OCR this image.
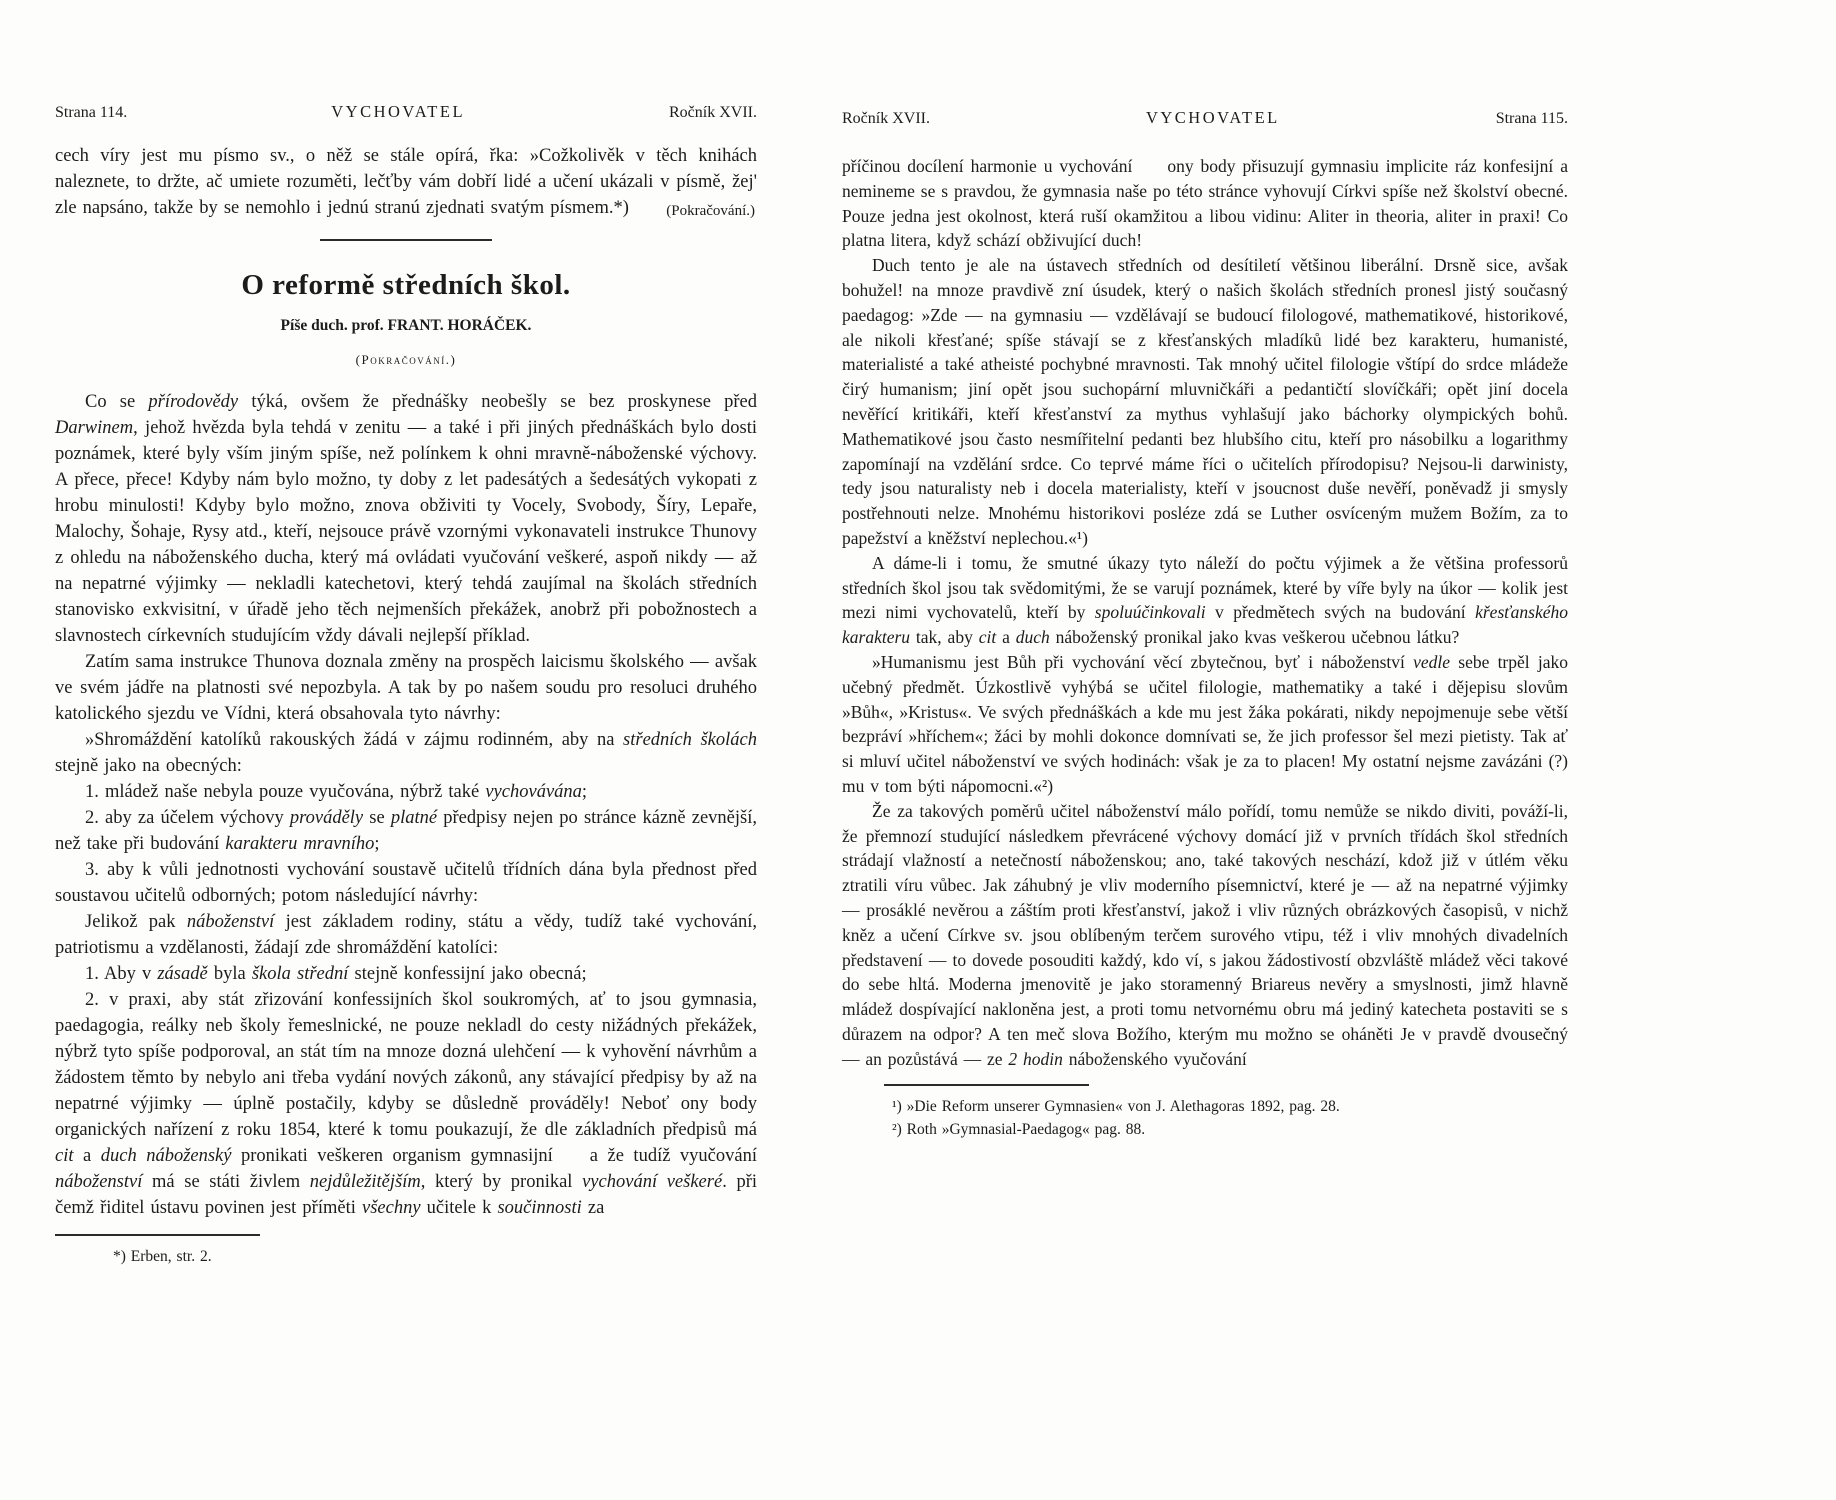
Strana 114.	VYCHOVATEL	Ročník XVII.

cech víry jest mu písmo sv., o něž se stále opírá, řka: »Cožkolivěk v těch knihách naleznete, to držte, ač umiete rozuměti, lečťby vám dobří lidé a učení ukázali v písmě, žej' zle napsáno, takže by se nemohlo i jednú stranú zjednati svatým písmem.*)	(Pokračování.)
O reformě středních škol.
Píše duch. prof. FRANT. HORÁČEK.
(Pokračování.)

Co se přírodovědy týká, ovšem že přednášky neobešly se bez proskynese před Darwinem, jehož hvězda byla tehdá v zenitu — a také i při jiných přednáškách bylo dosti poznámek, které byly vším jiným spíše, než polínkem k ohni mravně-náboženské výchovy. A přece, přece! Kdyby nám bylo možno, ty doby z let padesátých a šedesátých vykopati z hrobu minulosti! Kdyby bylo možno, znova obživiti ty Vocely, Svobody, Šíry, Lepaře, Malochy, Šohaje, Rysy atd., kteří, nejsouce právě vzornými vykonavateli instrukce Thunovy z ohledu na náboženského ducha, který má ovládati vyučování veškeré, aspoň nikdy — až na nepatrné výjimky — nekladli katechetovi, který tehdá zaujímal na školách středních stanovisko exkvisitní, v úřadě jeho těch nejmenších překážek, anobrž při pobožnostech a slavnostech církevních studujícím vždy dávali nejlepší příklad.

Zatím sama instrukce Thunova doznala změny na prospěch laicismu školského — avšak ve svém jádře na platnosti své nepozbyla. A tak by po našem soudu pro resoluci druhého katolického sjezdu ve Vídni, která obsahovala tyto návrhy:

»Shromáždění katolíků rakouských žádá v zájmu rodinném, aby na středních školách stejně jako na obecných:

1. mládež naše nebyla pouze vyučována, nýbrž také vychovávána;

2. aby za účelem výchovy prováděly se platné předpisy nejen po stránce kázně zevnější, než take při budování karakteru mravního;

3. aby k vůli jednotnosti vychování soustavě učitelů třídních dána byla přednost před soustavou učitelů odborných; potom následující návrhy:

Jelikož pak náboženství jest základem rodiny, státu a vědy, tudíž také vychování, patriotismu a vzdělanosti, žádají zde shromáždění katolíci:

1. Aby v zásadě byla škola střední stejně konfessijní jako obecná;

2. v praxi, aby stát zřizování konfessijních škol soukromých, ať to jsou gymnasia, paedagogia, reálky neb školy řemeslnické, ne pouze nekladl do cesty nižádných překážek, nýbrž tyto spíše podporoval, an stát tím na mnoze dozná ulehčení — k vyhovění návrhům a žádostem těmto by nebylo ani třeba vydání nových zákonů, any stávající předpisy by až na nepatrné výjimky — úplně postačily, kdyby se důsledně prováděly! Neboť ony body organických nařízení z roku 1854, které k tomu poukazují, že dle základních předpisů má cit a duch náboženský pronikati veškeren organism gymnasijní  a že tudíž vyučování náboženství má se státi živlem nejdůležitějším, který by pronikal vychování veškeré. při čemž řiditel ústavu povinen jest příměti všechny učitele k součinnosti za

*) Erben, str. 2.

Ročník XVII.	VYCHOVATEL	Strana 115.

příčinou docílení harmonie u vychování  ony body přisuzují gymnasiu implicite ráz konfesijní a nemineme se s pravdou, že gymnasia naše po této stránce vyhovují Církvi spíše než školství obecné. Pouze jedna jest okolnost, která ruší okamžitou a libou vidinu: Aliter in theoria, aliter in praxi! Co platna litera, když schází obživující duch!

Duch tento je ale na ústavech středních od desítiletí většinou liberální. Drsně sice, avšak bohužel! na mnoze pravdivě zní úsudek, který o našich školách středních pronesl jistý současný paedagog: »Zde — na gymnasiu — vzdělávají se budoucí filologové, mathematikové, historikové, ale nikoli křesťané; spíše stávají se z křesťanských mladíků lidé bez karakteru, humanisté, materialisté a také atheisté pochybné mravnosti. Tak mnohý učitel filologie vštípí do srdce mládeže čirý humanism; jiní opět jsou suchopární mluvničkáři a pedantičtí slovíčkáři; opět jiní docela nevěřící kritikáři, kteří křesťanství za mythus vyhlašují jako báchorky olympických bohů. Mathematikové jsou často nesmířitelní pedanti bez hlubšího citu, kteří pro násobilku a logarithmy zapomínají na vzdělání srdce. Co teprvé máme říci o učitelích přírodopisu? Nejsou-li darwinisty, tedy jsou naturalisty neb i docela materialisty, kteří v jsoucnost duše nevěří, poněvadž ji smysly postřehnouti nelze. Mnohému historikovi posléze zdá se Luther osvíceným mužem Božím, za to papežství a kněžství neplechou.«¹)

A dáme-li i tomu, že smutné úkazy tyto náleží do počtu výjimek a že většina professorů středních škol jsou tak svědomitými, že se varují poznámek, které by víře byly na úkor — kolik jest mezi nimi vychovatelů, kteří by spoluúčinkovali v předmětech svých na budování křesťanského karakteru tak, aby cit a duch náboženský pronikal jako kvas veškerou učebnou látku?

»Humanismu jest Bůh při vychování věcí zbytečnou, byť i náboženství vedle sebe trpěl jako učebný předmět. Úzkostlivě vyhýbá se učitel filologie, mathematiky a také i dějepisu slovům »Bůh«, »Kristus«. Ve svých přednáškách a kde mu jest žáka pokárati, nikdy nepojmenuje sebe větší bezpráví »hříchem«; žáci by mohli dokonce domnívati se, že jich professor šel mezi pietisty. Tak ať si mluví učitel náboženství ve svých hodinách: však je za to placen! My ostatní nejsme zavázáni (?) mu v tom býti nápomocni.«²)

Že za takových poměrů učitel náboženství málo pořídí, tomu nemůže se nikdo diviti, pováží-li, že přemnozí studující následkem převrácené výchovy domácí již v prvních třídách škol středních strádají vlažností a netečností náboženskou; ano, také takových neschází, kdož již v útlém věku ztratili víru vůbec. Jak záhubný je vliv moderního písemnictví, které je — až na nepatrné výjimky — prosáklé nevěrou a záštím proti křesťanství, jakož i vliv různých obrázkových časopisů, v nichž kněz a učení Církve sv. jsou oblíbeným terčem surového vtipu, též i vliv mnohých divadelních představení — to dovede posouditi každý, kdo ví, s jakou žádostivostí obzvláště mládež věci takové do sebe hltá. Moderna jmenovitě je jako storamenný Briareus nevěry a smyslnosti, jimž hlavně mládež dospívající nakloněna jest, a proti tomu netvornému obru má jediný katecheta postaviti se s důrazem na odpor? A ten meč slova Božího, kterým mu možno se oháněti Je v pravdě dvousečný — an pozůstává — ze 2 hodin náboženského vyučování

¹) »Die Reform unserer Gymnasien« von J. Alethagoras 1892, pag. 28.

²) Roth »Gymnasial-Paedagog« pag. 88.
